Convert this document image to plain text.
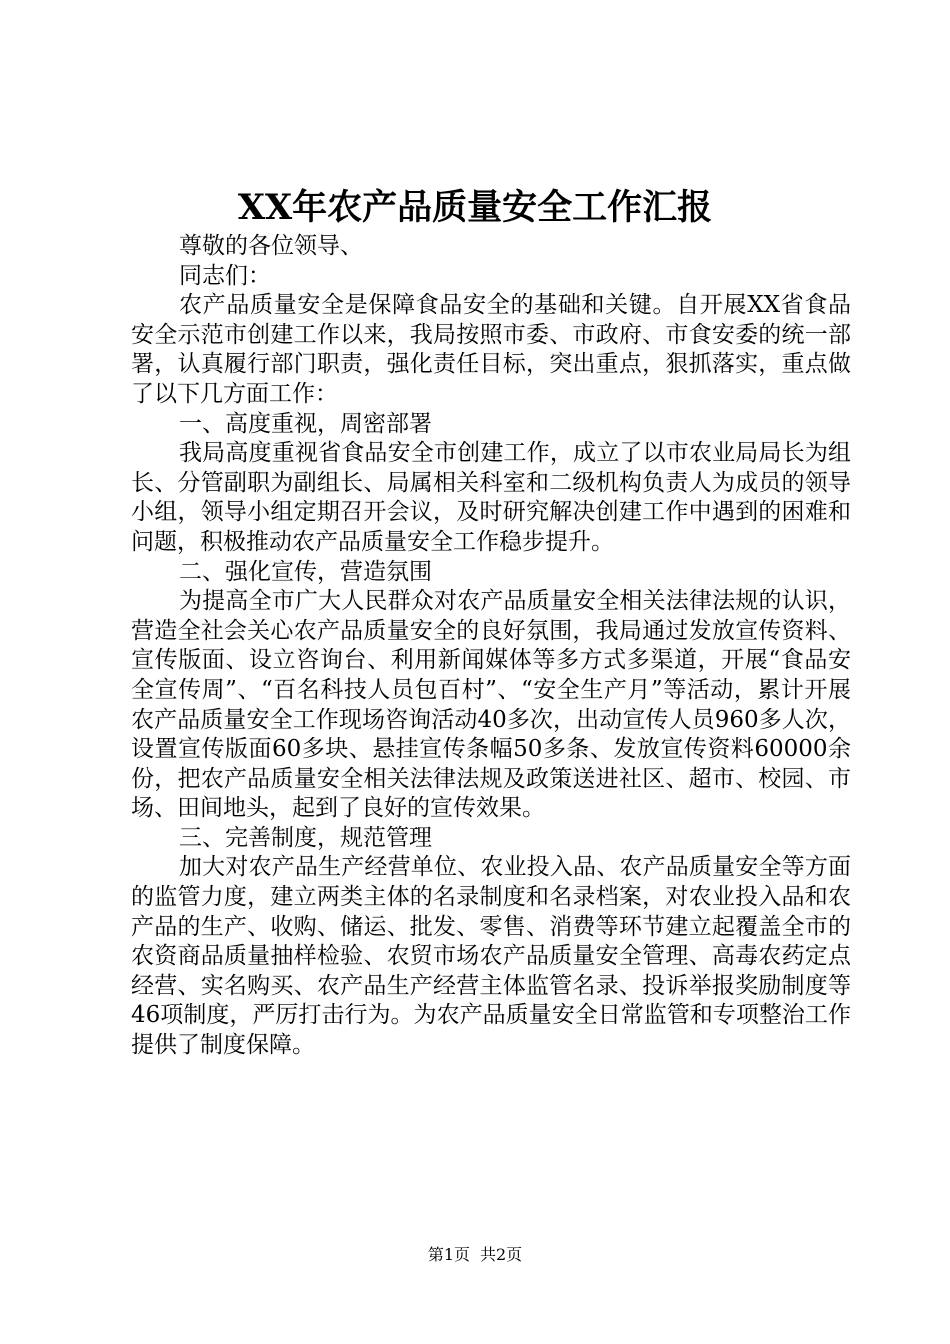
XX年农产品质量安全工作汇报

尊敬的各位领导、

同志们：

农产品质量安全是保障食品安全的基础和关键。自开展XX省食品安全示范市创建工作以来，我局按照市委、市政府、市食安委的统一部署，认真履行部门职责，强化责任目标，突出重点，狠抓落实，重点做了以下几方面工作：

一、高度重视，周密部署

我局高度重视省食品安全市创建工作，成立了以市农业局局长为组长、分管副职为副组长、局属相关科室和二级机构负责人为成员的领导小组，领导小组定期召开会议，及时研究解决创建工作中遇到的困难和问题，积极推动农产品质量安全工作稳步提升。

二、强化宣传，营造氛围

为提高全市广大人民群众对农产品质量安全相关法律法规的认识，营造全社会关心农产品质量安全的良好氛围，我局通过发放宣传资料、宣传版面、设立咨询台、利用新闻媒体等多方式多渠道，开展“食品安全宣传周”、“百名科技人员包百村”、“安全生产月”等活动，累计开展农产品质量安全工作现场咨询活动40多次，出动宣传人员960多人次，设置宣传版面60多块、悬挂宣传条幅50多条、发放宣传资料60000余份，把农产品质量安全相关法律法规及政策送进社区、超市、校园、市场、田间地头，起到了良好的宣传效果。

三、完善制度，规范管理

加大对农产品生产经营单位、农业投入品、农产品质量安全等方面的监管力度，建立两类主体的名录制度和名录档案，对农业投入品和农产品的生产、收购、储运、批发、零售、消费等环节建立起覆盖全市的农资商品质量抽样检验、农贸市场农产品质量安全管理、高毒农药定点经营、实名购买、农产品生产经营主体监管名录、投诉举报奖励制度等46项制度，严厉打击行为。为农产品质量安全日常监管和专项整治工作提供了制度保障。

第1页 共2页
